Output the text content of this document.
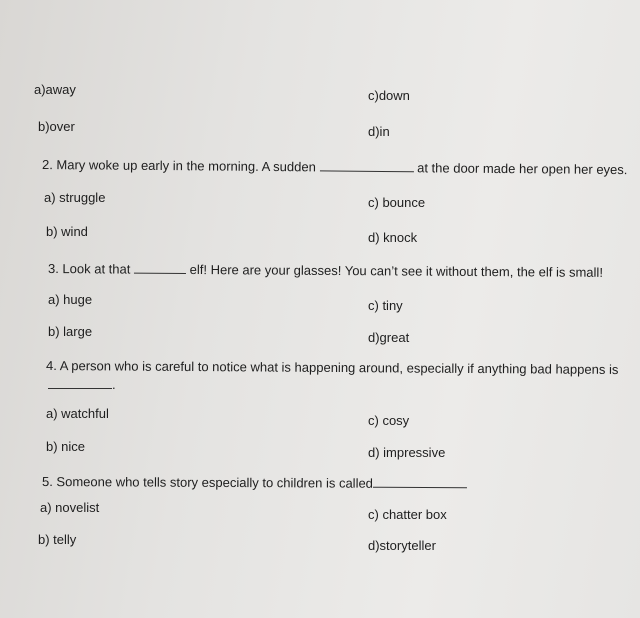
a)away	c)down
b)over	d)in
2. Mary woke up early in the morning. A sudden	at the door made her open her eyes.
a) struggle	c) bounce
b) wind	d) knock
3. Look at that	elf! Here are your glasses! You can’t see it without them, the elf is small!
a) huge	c) tiny
b) large	d)great
4. A person who is careful to notice what is happening around, especially if anything bad happens is
.
a) watchful	c) cosy
b) nice	d) impressive
5. Someone who tells story especially to children is called
a) novelist	c) chatter box
b) telly	d)storyteller
